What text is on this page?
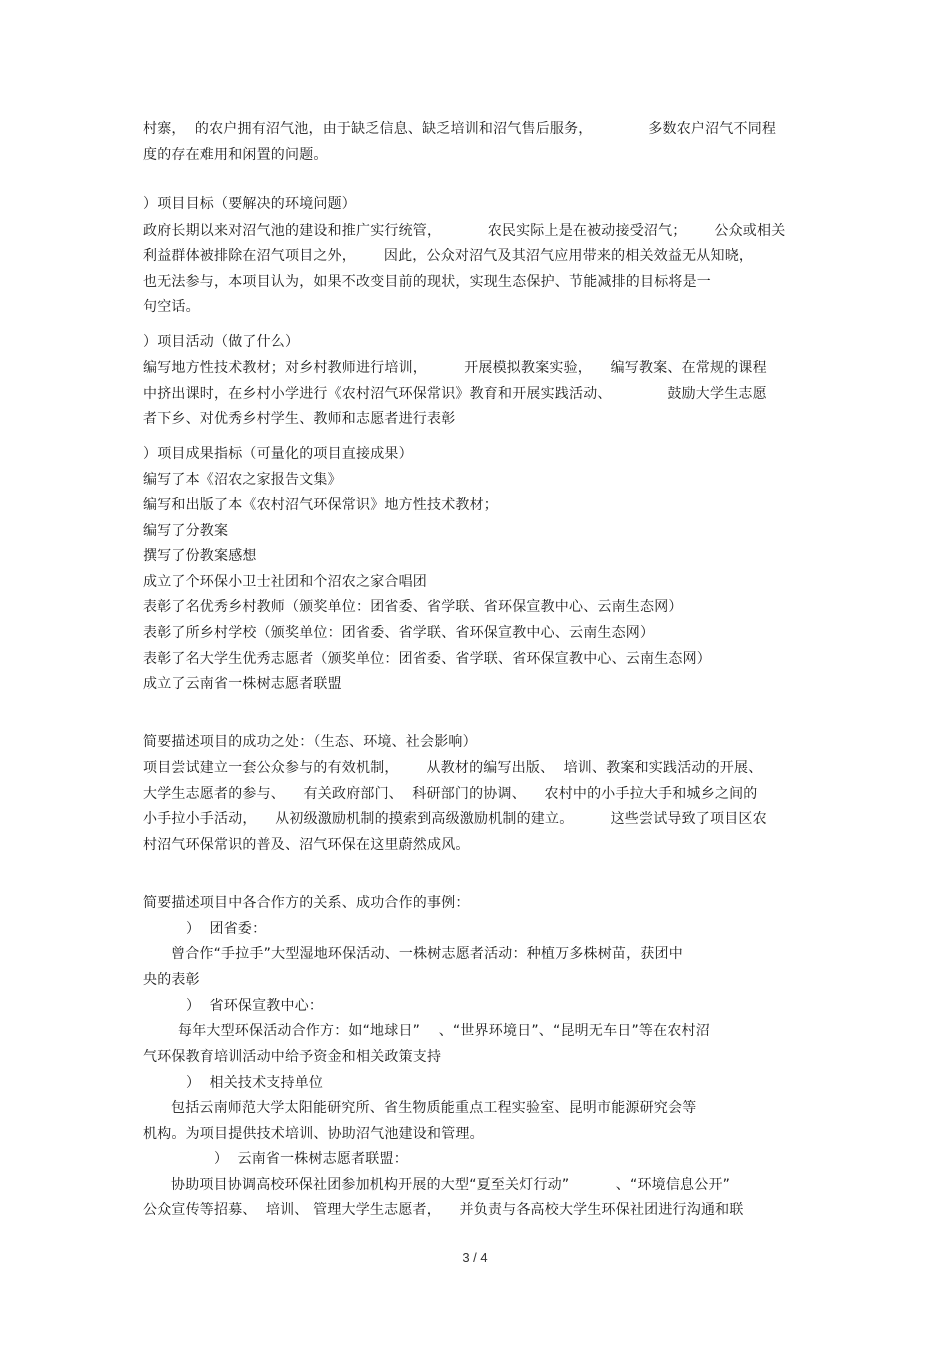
村寨，  的农户拥有沼气池，由于缺乏信息、缺乏培训和沼气售后服务，            多数农户沼气不同程
度的存在难用和闲置的问题。
）项目目标（要解决的环境问题）
政府长期以来对沼气池的建设和推广实行统管，          农民实际上是在被动接受沼气；      公众或相关
利益群体被排除在沼气项目之外，      因此，公众对沼气及其沼气应用带来的相关效益无从知晓，
也无法参与，本项目认为，如果不改变目前的现状，实现生态保护、节能减排的目标将是一
句空话。
）项目活动（做了什么）
编写地方性技术教材；对乡村教师进行培训，        开展模拟教案实验，    编写教案、在常规的课程
中挤出课时，在乡村小学进行《农村沼气环保常识》教育和开展实践活动、            鼓励大学生志愿
者下乡、对优秀乡村学生、教师和志愿者进行表彰
）项目成果指标（可量化的项目直接成果）
编写了本《沼农之家报告文集》
编写和出版了本《农村沼气环保常识》地方性技术教材；
编写了分教案
撰写了份教案感想
成立了个环保小卫士社团和个沼农之家合唱团
表彰了名优秀乡村教师（颁奖单位：团省委、省学联、省环保宣教中心、云南生态网）
表彰了所乡村学校（颁奖单位：团省委、省学联、省环保宣教中心、云南生态网）
表彰了名大学生优秀志愿者（颁奖单位：团省委、省学联、省环保宣教中心、云南生态网）
成立了云南省一株树志愿者联盟
简要描述项目的成功之处：（生态、环境、社会影响）
项目尝试建立一套公众参与的有效机制，      从教材的编写出版、  培训、教案和实践活动的开展、
大学生志愿者的参与、    有关政府部门、  科研部门的协调、    农村中的小手拉大手和城乡之间的
小手拉小手活动，    从初级激励机制的摸索到高级激励机制的建立。        这些尝试导致了项目区农
村沼气环保常识的普及、沼气环保在这里蔚然成风。
简要描述项目中各合作方的关系、成功合作的事例：
）  团省委：
曾合作“手拉手”大型湿地环保活动、一株树志愿者活动：种植万多株树苗，获团中
央的表彰
）  省环保宣教中心：
每年大型环保活动合作方：如“地球日”    、“世界环境日”、“昆明无车日”等在农村沼
气环保教育培训活动中给予资金和相关政策支持
）  相关技术支持单位
包括云南师范大学太阳能研究所、省生物质能重点工程实验室、昆明市能源研究会等
机构。为项目提供技术培训、协助沼气池建设和管理。
）  云南省一株树志愿者联盟：
协助项目协调高校环保社团参加机构开展的大型“夏至关灯行动”          、“环境信息公开”
公众宣传等招募、  培训、 管理大学生志愿者，    并负责与各高校大学生环保社团进行沟通和联
3 / 4
